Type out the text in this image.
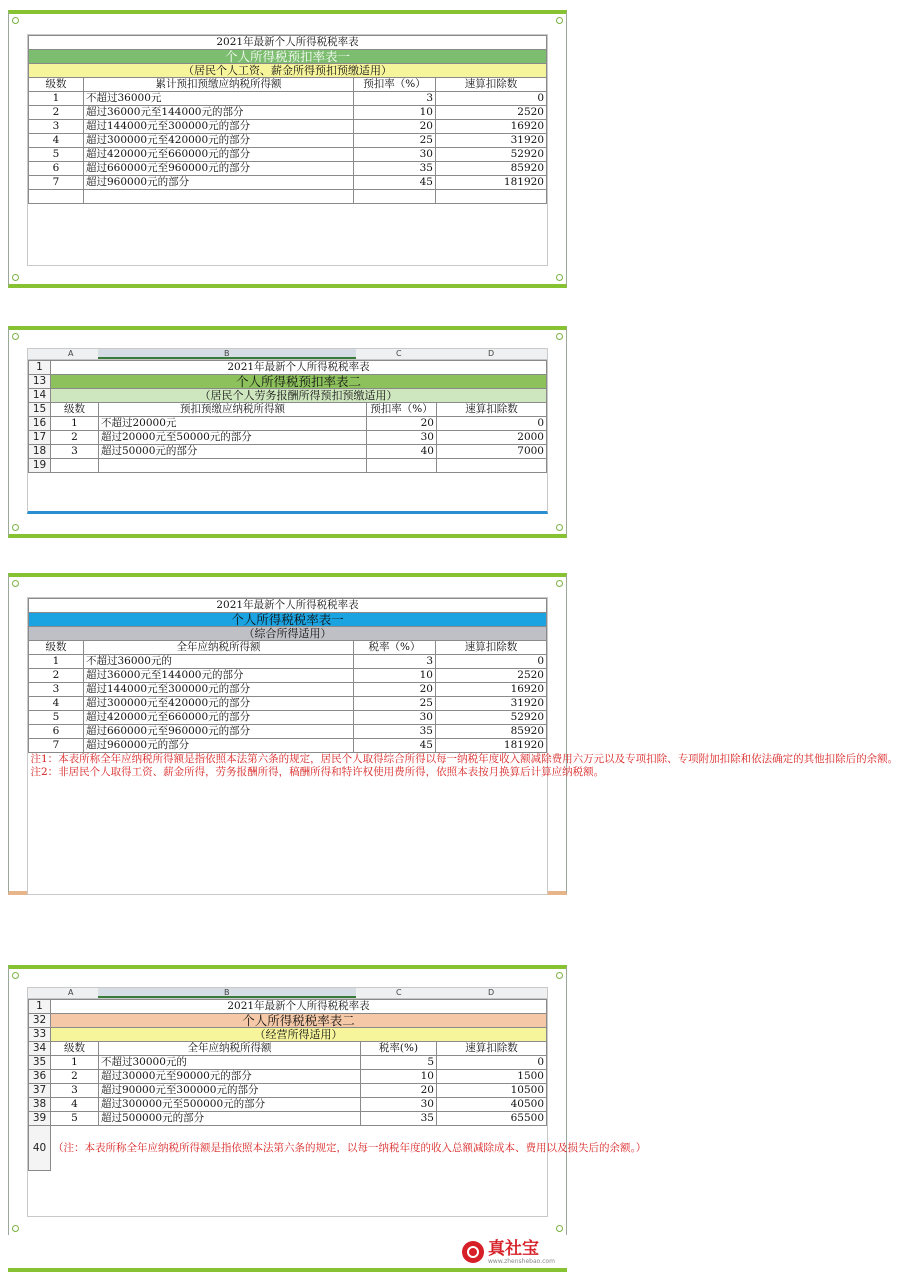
2021年最新个人所得税税率表			
个人所得税预扣率表一			
（居民个人工资、薪金所得预扣预缴适用）			
级数	累计预扣预缴应纳税所得额	预扣率（%）	速算扣除数
1	不超过36000元	3	0
2	超过36000元至144000元的部分	10	2520
3	超过144000元至300000元的部分	20	16920
4	超过300000元至420000元的部分	25	31920
5	超过420000元至660000元的部分	30	52920
6	超过660000元至960000元的部分	35	85920
7	超过960000元的部分	45	181920

A	B	C	D
1	2021年最新个人所得税税率表			
13	个人所得税预扣率表二			
14	（居民个人劳务报酬所得预扣预缴适用）			
15	级数	预扣预缴应纳税所得额	预扣率（%）	速算扣除数
16	1	不超过20000元	20	0
17	2	超过20000元至50000元的部分	30	2000
18	3	超过50000元的部分	40	7000
19				
2021年最新个人所得税税率表			
个人所得税税率表一			
（综合所得适用）			
级数	全年应纳税所得额	税率（%）	速算扣除数
1	不超过36000元的	3	0
2	超过36000元至144000元的部分	10	2520
3	超过144000元至300000元的部分	20	16920
4	超过300000元至420000元的部分	25	31920
5	超过420000元至660000元的部分	30	52920
6	超过660000元至960000元的部分	35	85920
7	超过960000元的部分	45	181920

注1：本表所称全年应纳税所得额是指依照本法第六条的规定，居民个人取得综合所得以每一纳税年度收入额减除费用六万元以及专项扣除、专项附加扣除和依法确定的其他扣除后的余额。
注2：非居民个人取得工资、薪金所得，劳务报酬所得，稿酬所得和特许权使用费所得，依照本表按月换算后计算应纳税额。			
A	B	C	D
1	2021年最新个人所得税税率表			
32	个人所得税税率表二			
33	（经营所得适用）			
34	级数	全年应纳税所得额	税率(%)	速算扣除数
35	1	不超过30000元的	5	0
36	2	超过30000元至90000元的部分	10	1500
37	3	超过90000元至300000元的部分	20	10500
38	4	超过300000元至500000元的部分	30	40500
39	5	超过500000元的部分	35	65500
40	（注：本表所称全年应纳税所得额是指依照本法第六条的规定，以每一纳税年度的收入总额减除成本、费用以及损失后的余额。）			
真社宝
www.zhenshebao.com
